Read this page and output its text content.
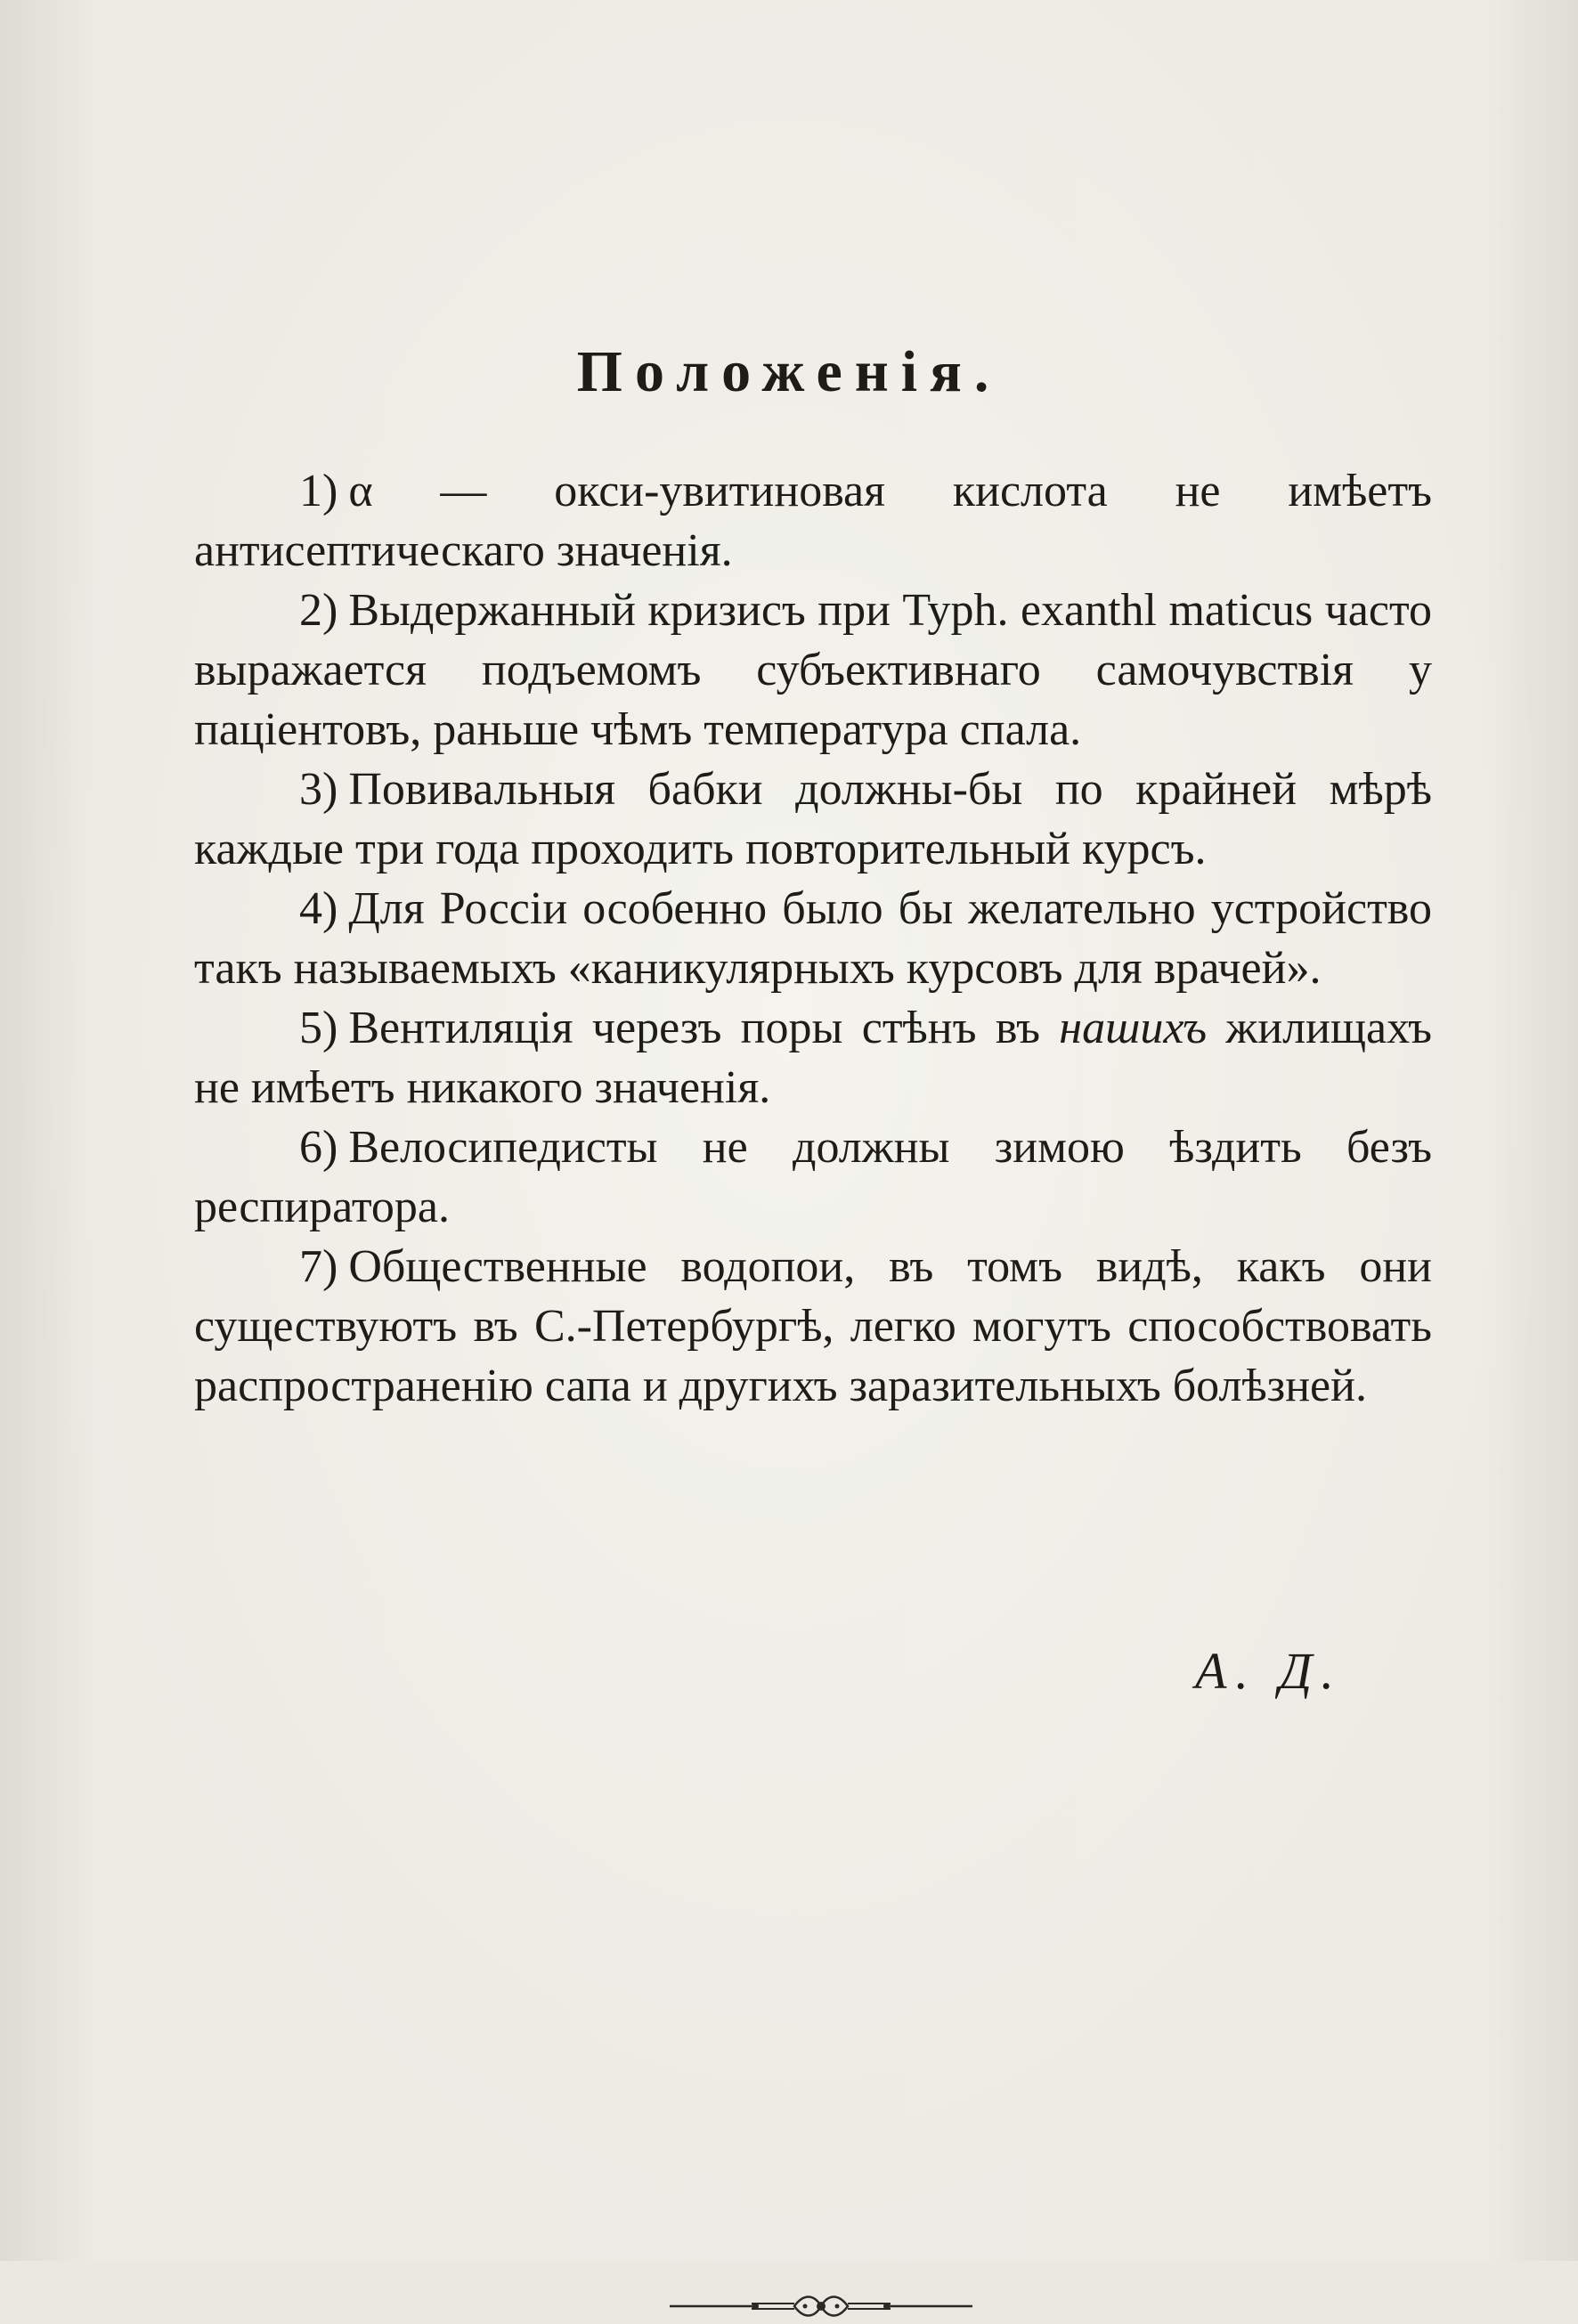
Положенія.

1) α — окси-увитиновая кислота не имѣетъ антисептическаго значенія.

2) Выдержанный кризисъ при Typh. exanthl maticus часто выражается подъемомъ субъективнаго самочувствія у паціентовъ, раньше чѣмъ температура спала.

3) Повивальныя бабки должны-бы по крайней мѣрѣ каждые три года проходить повторительный курсъ.

4) Для Россіи особенно было бы желательно устройство такъ называемыхъ «каникулярныхъ курсовъ для врачей».

5) Вентиляція черезъ поры стѣнъ въ нашихъ жилищахъ не имѣетъ никакого значенія.

6) Велосипедисты не должны зимою ѣздить безъ респиратора.

7) Общественные водопои, въ томъ видѣ, какъ они существуютъ въ С.-Петербургѣ, легко могутъ способствовать распространенію сапа и другихъ заразительныхъ болѣзней.

А. Д.
